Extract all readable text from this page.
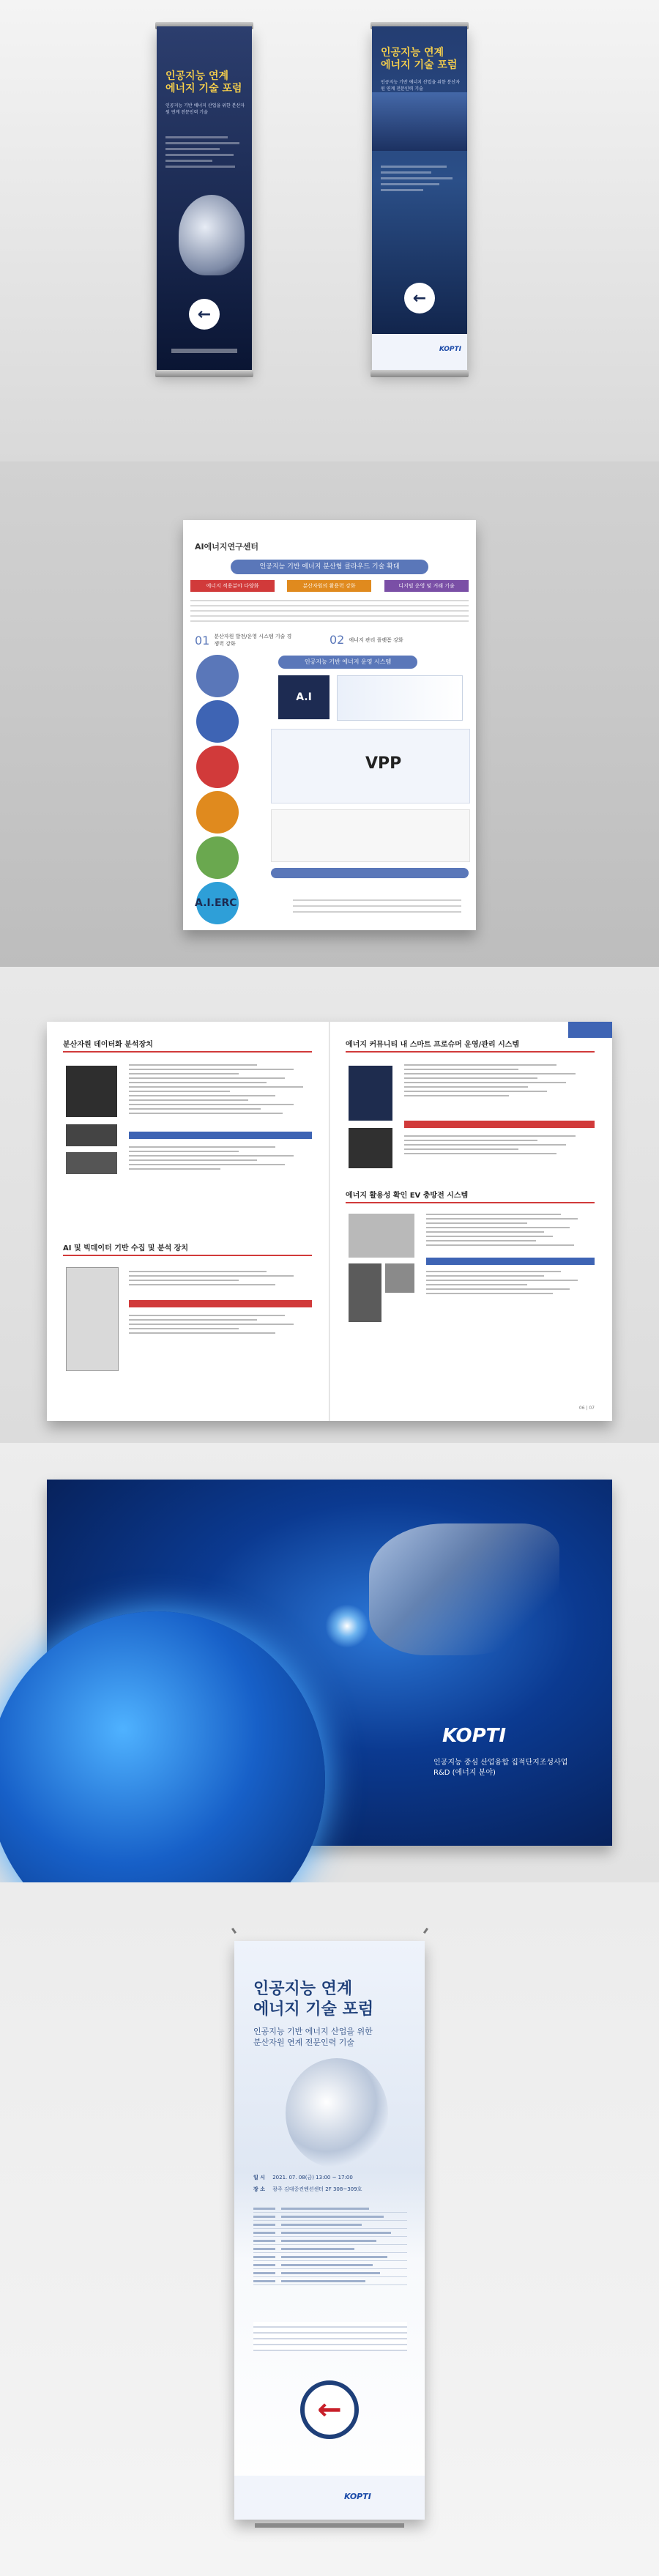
인공지능 연계
에너지 기술 포럼
인공지능 기반 에너지 산업을 위한 분산자원 연계 전문인력 기술
←
인공지능 연계
에너지 기술 포럼
인공지능 기반 에너지 산업을 위한 분산자원 연계 전문인력 기술
←
KOPTI
AI에너지연구센터
인공지능 기반 에너지 분산형 클라우드 기술 확대
에너지 적용분야 다양화	분산자원의 활용력 강화	디지털 운영 및 거래 기술
01 분산자원 발전/운영 시스템 기술 경쟁력 강화	02 에너지 관리 플랫폼 강화
인공지능 기반 에너지 운영 시스템
A.I
VPP
A.I.ERC
분산자원 데이터화 분석장치
AI 및 빅데이터 기반 수집 및 분석 장치
에너지 커뮤니티 내 스마트 프로슈머 운영/관리 시스템
에너지 활용성 확인 EV 충방전 시스템
06 | 07
KOPTI
인공지능 중심 산업융합 집적단지조성사업
R&D (에너지 분야)
인공지능 연계
에너지 기술 포럼
인공지능 기반 에너지 산업을 위한
분산자원 연계 전문인력 기술
일 시 2021. 07. 08(금) 13:00 ~ 17:00
장 소 광주 김대중컨벤션센터 2F 308~309호
←
KOPTI
